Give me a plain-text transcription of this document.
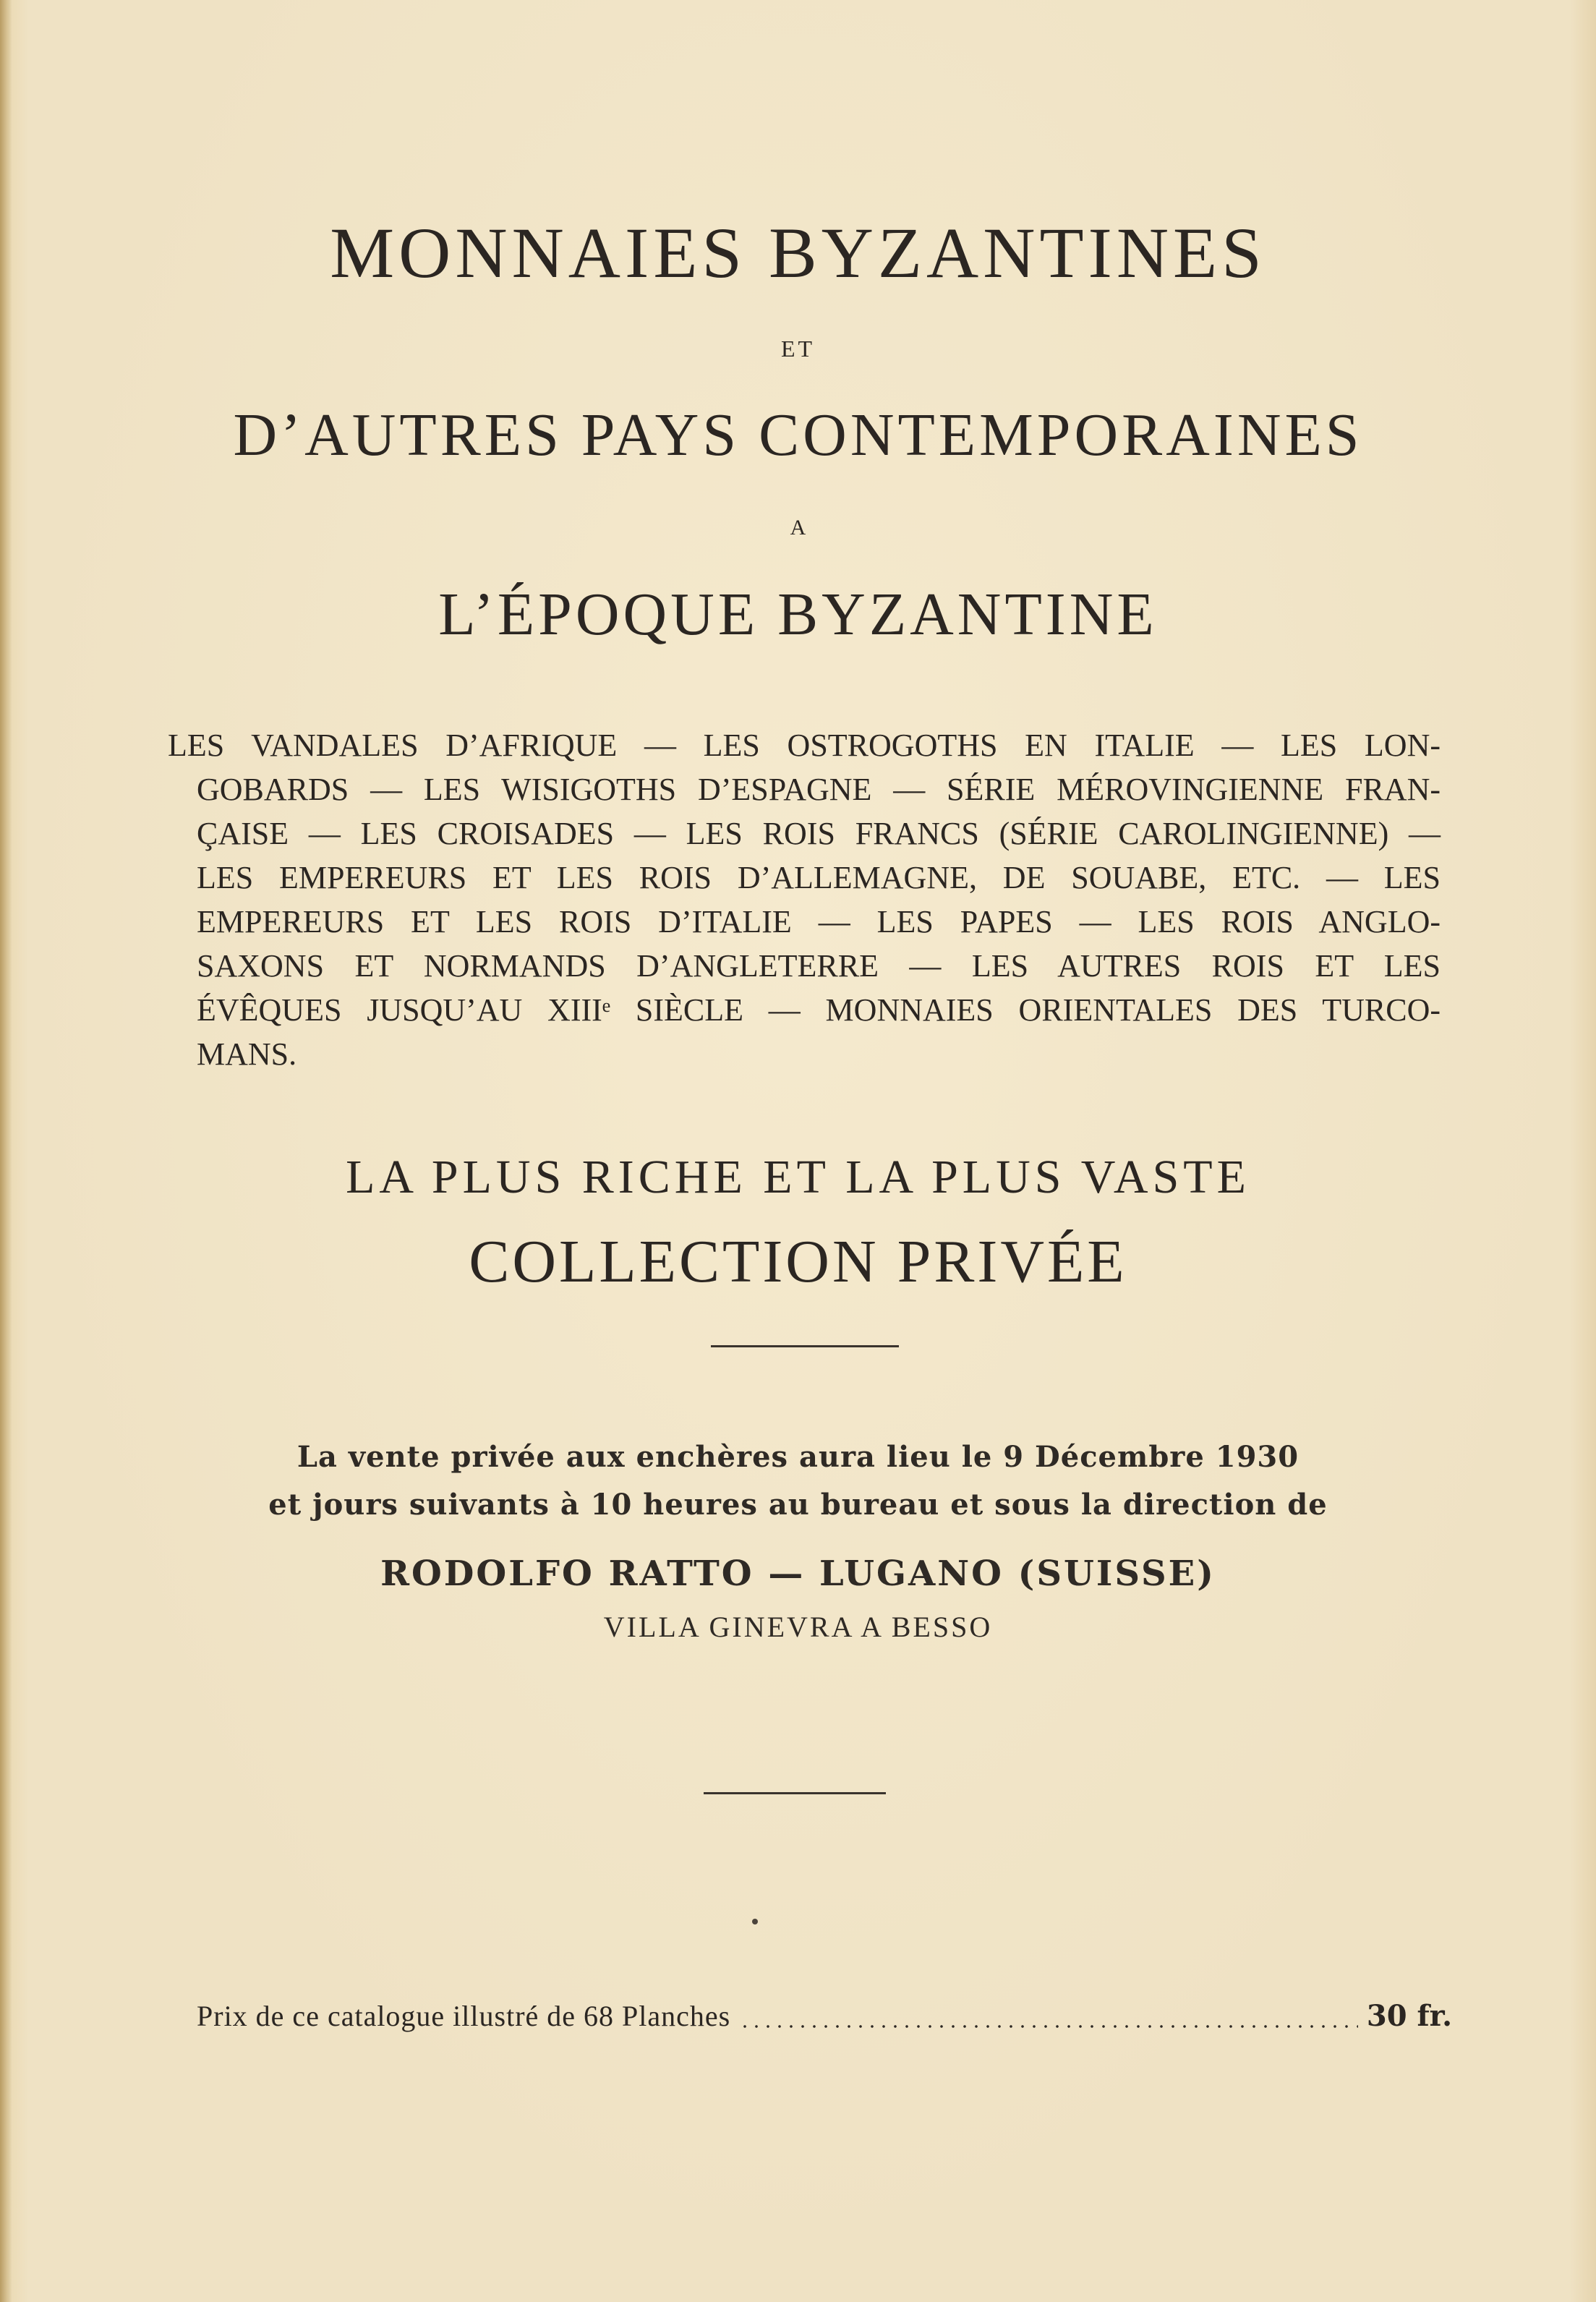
MONNAIES BYZANTINES
ET
D’AUTRES PAYS CONTEMPORAINES
A
L’ÉPOQUE BYZANTINE
LES VANDALES D’AFRIQUE — LES OSTROGOTHS EN ITALIE — LES LON-
GOBARDS — LES WISIGOTHS D’ESPAGNE — SÉRIE MÉROVINGIENNE FRAN-
ÇAISE — LES CROISADES — LES ROIS FRANCS (SÉRIE CAROLINGIENNE) —
LES EMPEREURS ET LES ROIS D’ALLEMAGNE, DE SOUABE, ETC. — LES
EMPEREURS ET LES ROIS D’ITALIE — LES PAPES — LES ROIS ANGLO-
SAXONS ET NORMANDS D’ANGLETERRE — LES AUTRES ROIS ET LES
ÉVÊQUES JUSQU’AU XIIIᵉ SIÈCLE — MONNAIES ORIENTALES DES TURCO-
MANS.
LA PLUS RICHE ET LA PLUS VASTE
COLLECTION PRIVÉE
La vente privée aux enchères aura lieu le 9 Décembre 1930
et jours suivants à 10 heures au bureau et sous la direction de
RODOLFO RATTO — LUGANO (SUISSE)
VILLA GINEVRA A BESSO
Prix de ce catalogue illustré de 68 Planches	30 fr.
